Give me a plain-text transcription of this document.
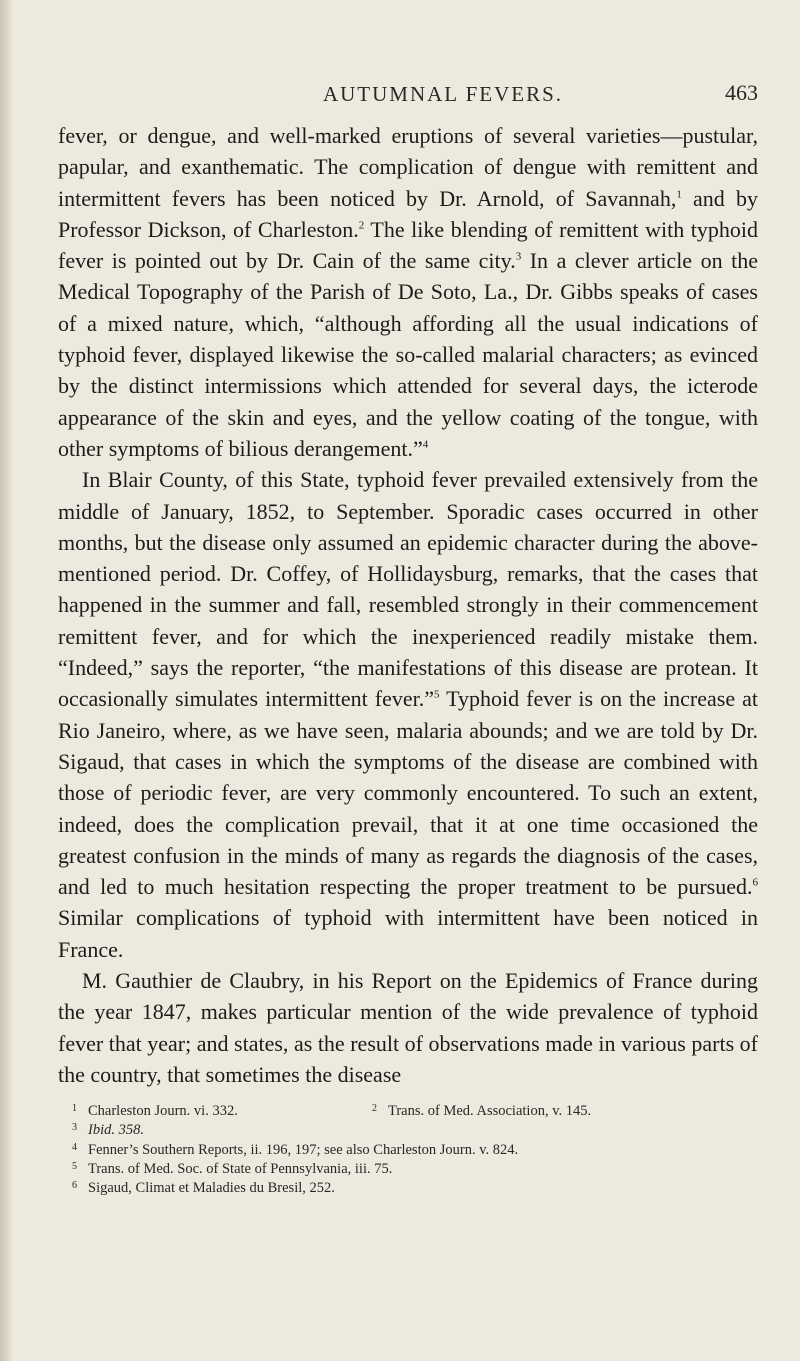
AUTUMNAL FEVERS.	463

fever, or dengue, and well-marked eruptions of several varieties—pustular, papular, and exanthematic. The complication of dengue with remittent and intermittent fevers has been noticed by Dr. Arnold, of Savannah,$^1$ and by Professor Dickson, of Charleston.$^2$ The like blending of remittent with typhoid fever is pointed out by Dr. Cain of the same city.$^3$ In a clever article on the Medical Topography of the Parish of De Soto, La., Dr. Gibbs speaks of cases of a mixed nature, which, “although affording all the usual indications of typhoid fever, displayed likewise the so-called malarial characters; as evinced by the distinct intermissions which attended for several days, the icterode appearance of the skin and eyes, and the yellow coating of the tongue, with other symptoms of bilious derangement.”$^4$

In Blair County, of this State, typhoid fever prevailed extensively from the middle of January, 1852, to September. Sporadic cases occurred in other months, but the disease only assumed an epidemic character during the above-mentioned period. Dr. Coffey, of Hollidaysburg, remarks, that the cases that happened in the summer and fall, resembled strongly in their commencement remittent fever, and for which the inexperienced readily mistake them. “Indeed,” says the reporter, “the manifestations of this disease are protean. It occasionally simulates intermittent fever.”$^5$ Typhoid fever is on the increase at Rio Janeiro, where, as we have seen, malaria abounds; and we are told by Dr. Sigaud, that cases in which the symptoms of the disease are combined with those of periodic fever, are very commonly encountered. To such an extent, indeed, does the complication prevail, that it at one time occasioned the greatest confusion in the minds of many as regards the diagnosis of the cases, and led to much hesitation respecting the proper treatment to be pursued.$^6$ Similar complications of typhoid with intermittent have been noticed in France.

M. Gauthier de Claubry, in his Report on the Epidemics of France during the year 1847, makes particular mention of the wide prevalence of typhoid fever that year; and states, as the result of observations made in various parts of the country, that sometimes the disease

1 Charleston Journ. vi. 332.	2 Trans. of Med. Association, v. 145.
3 Ibid. 358.
4 Fenner’s Southern Reports, ii. 196, 197; see also Charleston Journ. v. 824.
5 Trans. of Med. Soc. of State of Pennsylvania, iii. 75.
6 Sigaud, Climat et Maladies du Bresil, 252.
